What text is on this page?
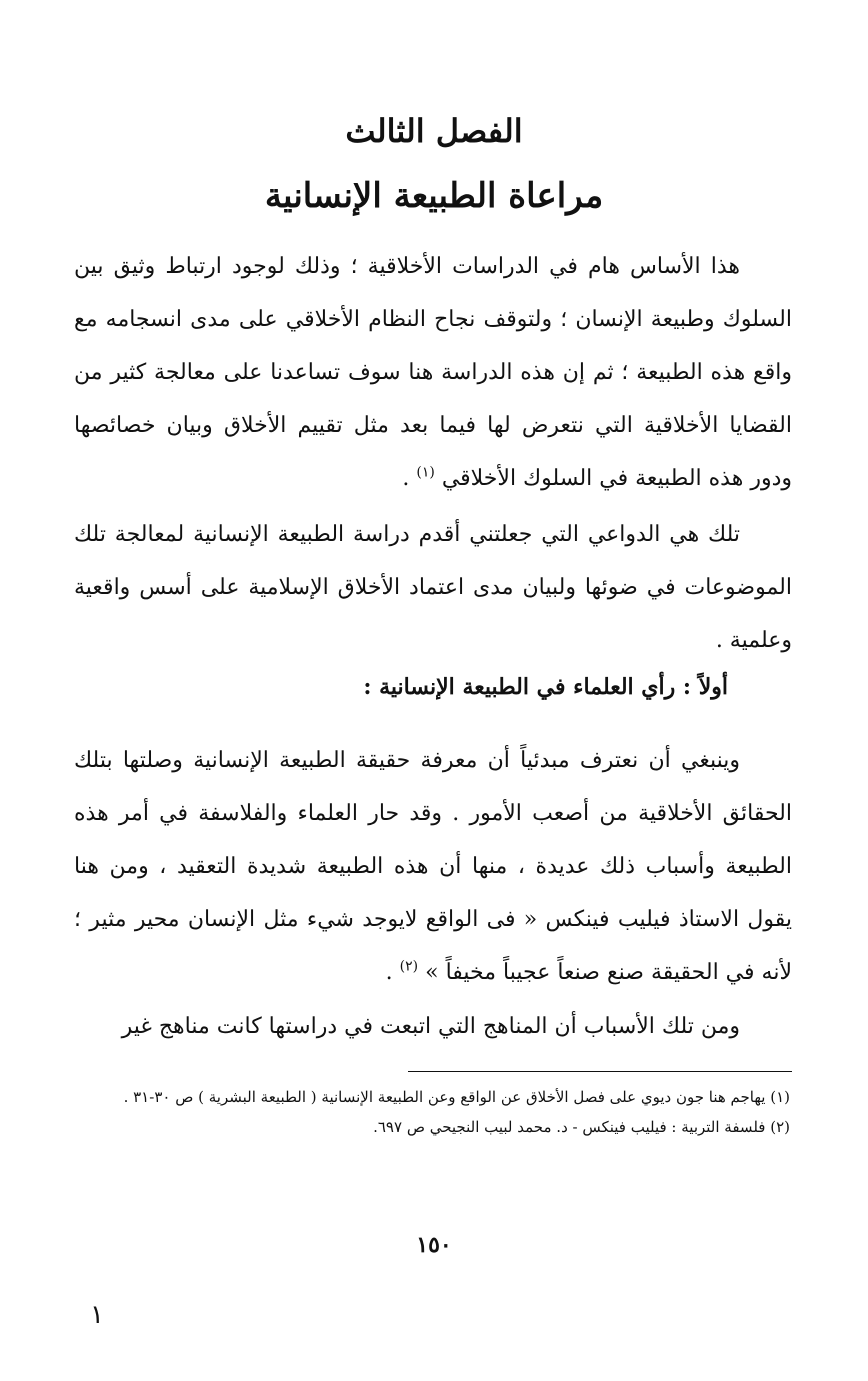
الفصل الثالث
مراعاة الطبيعة الإنسانية
هذا الأساس هام في الدراسات الأخلاقية ؛ وذلك لوجود ارتباط وثيق بين السلوك وطبيعة الإنسان ؛ ولتوقف نجاح النظام الأخلاقي على مدى انسجامه مع واقع هذه الطبيعة ؛ ثم إن هذه الدراسة هنا سوف تساعدنا على معالجة كثير من القضايا الأخلاقية التي نتعرض لها فيما بعد مثل تقييم الأخلاق وبيان خصائصها ودور هذه الطبيعة في السلوك الأخلاقي $^{(١)}$ .
تلك هي الدواعي التي جعلتني أقدم دراسة الطبيعة الإنسانية لمعالجة تلك الموضوعات في ضوئها ولبيان مدى اعتماد الأخلاق الإسلامية على أسس واقعية وعلمية .
أولاً : رأي العلماء في الطبيعة الإنسانية :
وينبغي أن نعترف مبدئياً أن معرفة حقيقة الطبيعة الإنسانية وصلتها بتلك الحقائق الأخلاقية من أصعب الأمور . وقد حار العلماء والفلاسفة في أمر هذه الطبيعة وأسباب ذلك عديدة ، منها أن هذه الطبيعة شديدة التعقيد ، ومن هنا يقول الاستاذ فيليب فينكس « فى الواقع لايوجد شيء مثل الإنسان محير مثير ؛ لأنه في الحقيقة صنع صنعاً عجيباً مخيفاً » $^{(٢)}$ .
ومن تلك الأسباب أن المناهج التي اتبعت في دراستها كانت مناهج غير

(١) يهاجم هنا جون ديوي على فصل الأخلاق عن الواقع وعن الطبيعة الإنسانية ( الطبيعة البشرية ) ص ٣٠-٣١ .

(٢) فلسفة التربية : فيليب فينكس - د. محمد لبيب النجيحي ص ٦٩٧.

١٥٠
١
